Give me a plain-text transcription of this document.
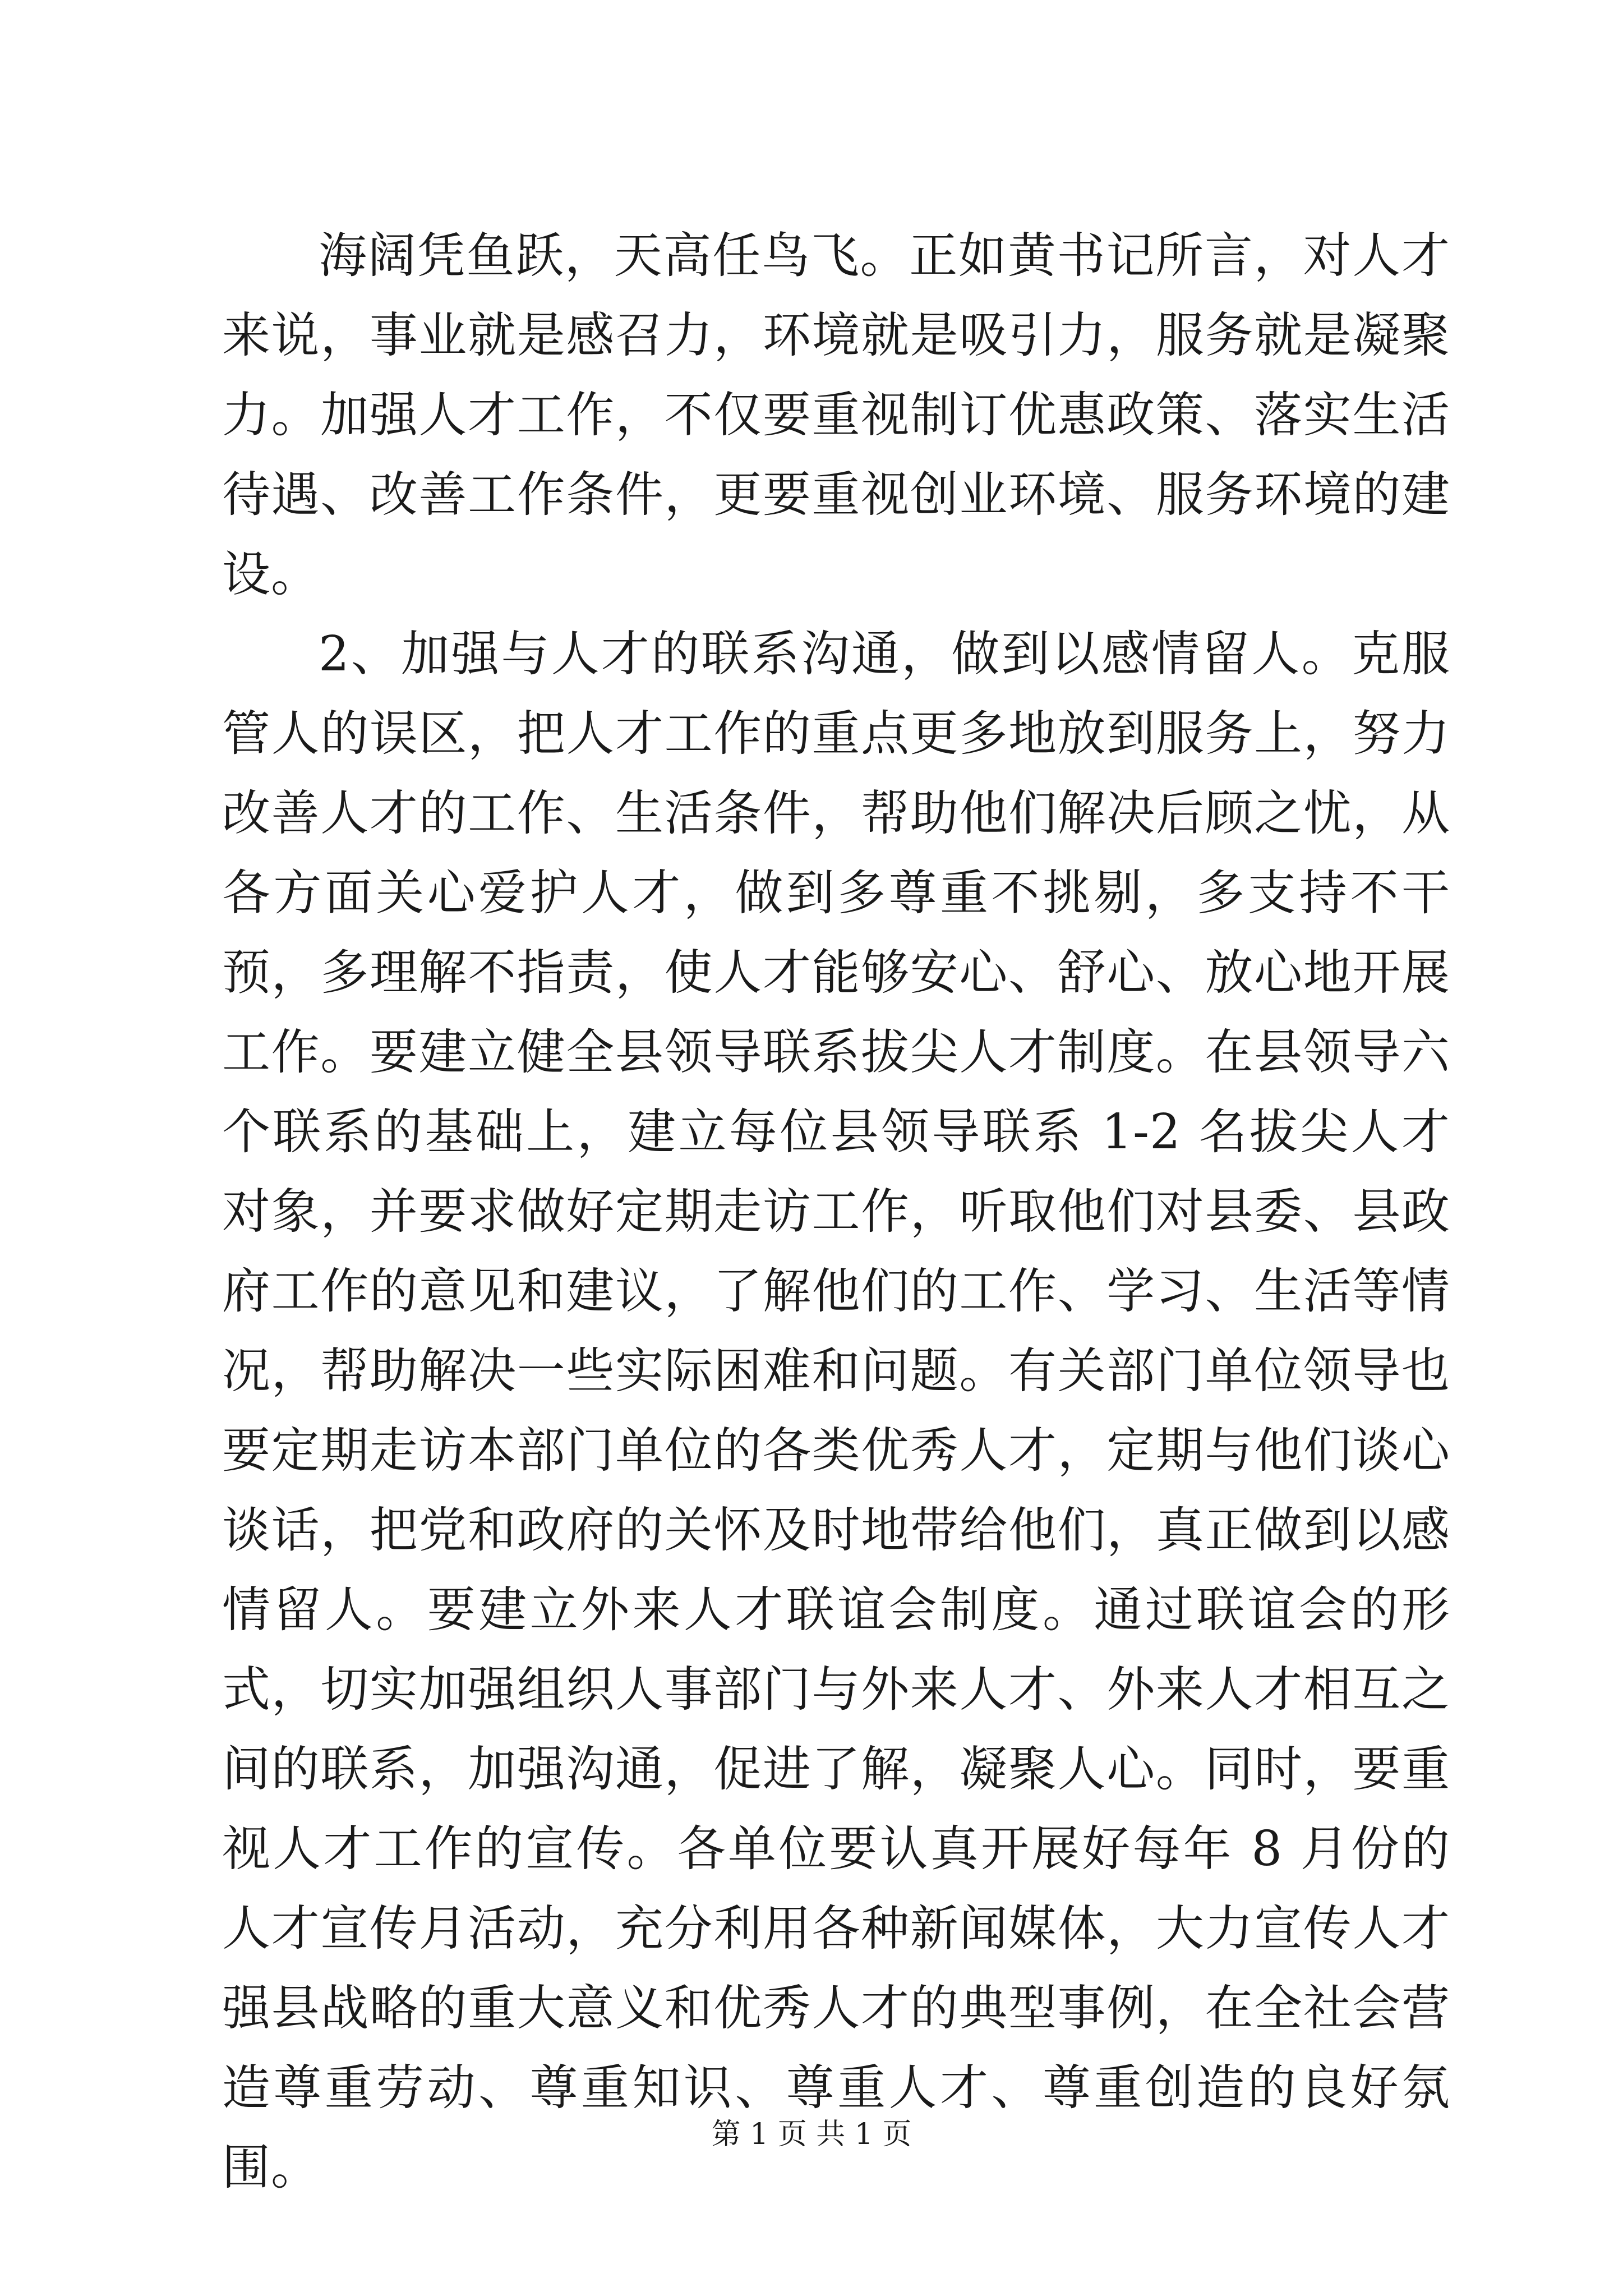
海阔凭鱼跃，天高任鸟飞。正如黄书记所言，对人才来说，事业就是感召力，环境就是吸引力，服务就是凝聚力。加强人才工作，不仅要重视制订优惠政策、落实生活待遇、改善工作条件，更要重视创业环境、服务环境的建设。

2、加强与人才的联系沟通，做到以感情留人。克服管人的误区，把人才工作的重点更多地放到服务上，努力改善人才的工作、生活条件，帮助他们解决后顾之忧，从各方面关心爱护人才，做到多尊重不挑剔，多支持不干预，多理解不指责，使人才能够安心、舒心、放心地开展工作。要建立健全县领导联系拔尖人才制度。在县领导六个联系的基础上，建立每位县领导联系 1-2 名拔尖人才对象，并要求做好定期走访工作，听取他们对县委、县政府工作的意见和建议，了解他们的工作、学习、生活等情况，帮助解决一些实际困难和问题。有关部门单位领导也要定期走访本部门单位的各类优秀人才，定期与他们谈心谈话，把党和政府的关怀及时地带给他们，真正做到以感情留人。要建立外来人才联谊会制度。通过联谊会的形式，切实加强组织人事部门与外来人才、外来人才相互之间的联系，加强沟通，促进了解，凝聚人心。同时，要重视人才工作的宣传。各单位要认真开展好每年 8 月份的人才宣传月活动，充分利用各种新闻媒体，大力宣传人才强县战略的重大意义和优秀人才的典型事例，在全社会营造尊重劳动、尊重知识、尊重人才、尊重创造的良好氛围。

第 1 页 共 1 页
